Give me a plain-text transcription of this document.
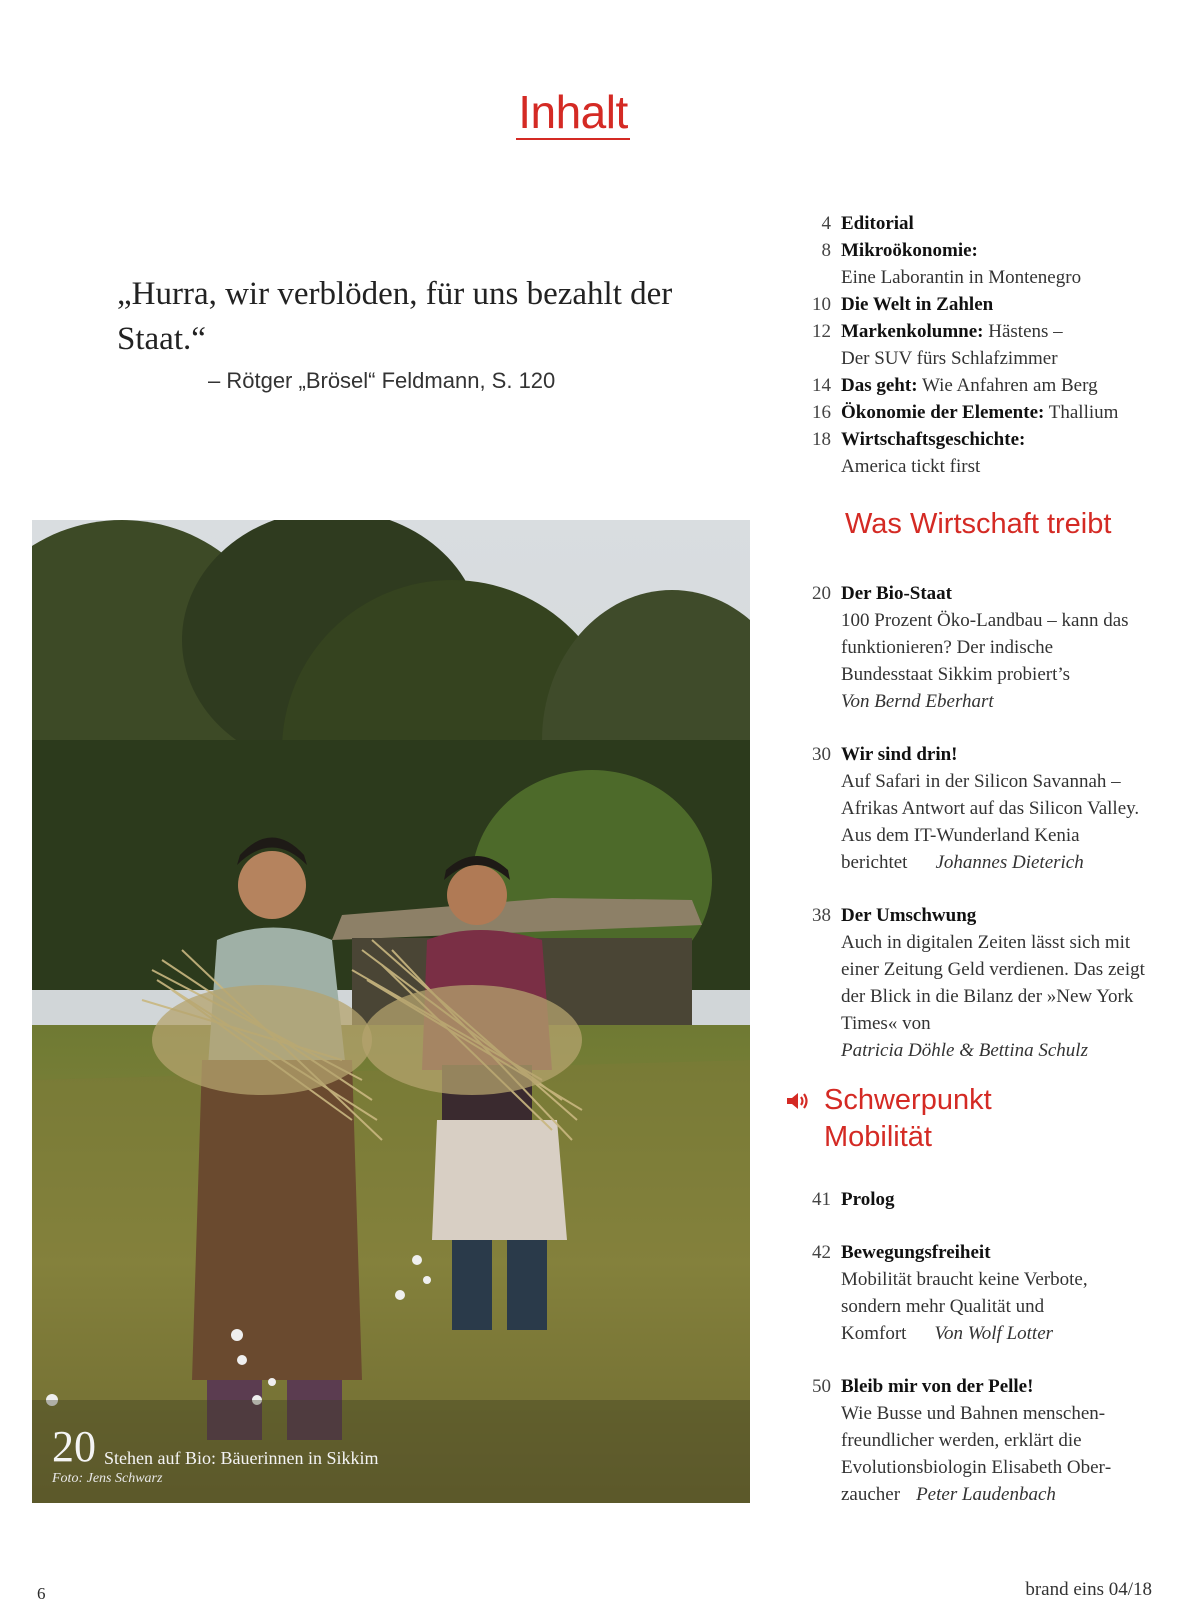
Inhalt
„Hurra, wir verblöden, für uns bezahlt der Staat.“
– Rötger „Brösel“ Feldmann, S. 120
4 Editorial
8 Mikroökonomie:
Eine Laborantin in Montenegro
10 Die Welt in Zahlen
12 Markenkolumne: Hästens – Der SUV fürs Schlafzimmer
14 Das geht: Wie Anfahren am Berg
16 Ökonomie der Elemente: Thallium
18 Wirtschaftsgeschichte:
America tickt first
Was Wirtschaft treibt
20 Der Bio-Staat
100 Prozent Öko-Landbau – kann das funktionieren? Der indische Bundesstaat Sikkim probiert’s
Von Bernd Eberhart
30 Wir sind drin!
Auf Safari in der Silicon Savannah – Afrikas Antwort auf das Silicon Valley. Aus dem IT-Wunderland Kenia berichtet Johannes Dieterich
38 Der Umschwung
Auch in digitalen Zeiten lässt sich mit einer Zeitung Geld verdienen. Das zeigt der Blick in die Bilanz der »New York Times« von
Patricia Döhle & Bettina Schulz
Schwerpunkt
Mobilität
41 Prolog
42 Bewegungsfreiheit
Mobilität braucht keine Verbote, sondern mehr Qualität und Komfort Von Wolf Lotter
50 Bleib mir von der Pelle!
Wie Busse und Bahnen menschenfreundlicher werden, erklärt die Evolutionsbiologin Elisabeth Oberzaucher Peter Laudenbach
20 Stehen auf Bio: Bäuerinnen in Sikkim
Foto: Jens Schwarz
6	brand eins 04/18
